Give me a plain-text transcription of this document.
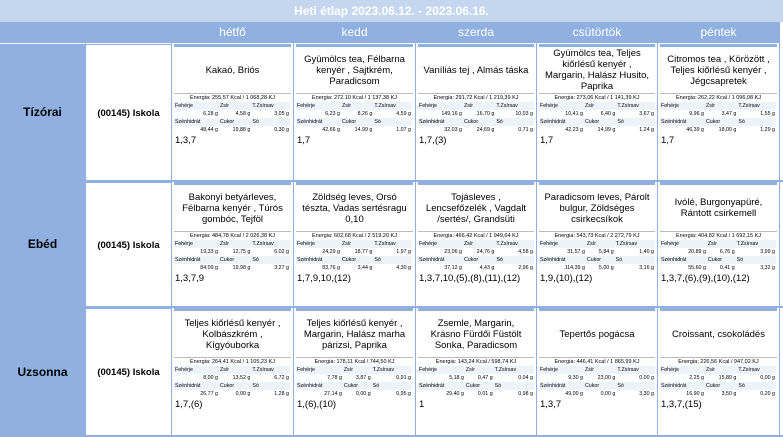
Heti étlap 2023.06.12. - 2023.06.16.
hétfő	kedd	szerda	csütörtök	péntek
Tízórai	(00145) Iskola
Kakaó, Briós
Energia: 255,57 Kcal / 1 068,28 KJ
Fehérje	Zsír	T.Zsírsav
6,28 g	4,58 g	3,05 g
Szénhidrát	Cukor	Só
48,44 g	19,88 g	0,30 g
1,3,7
Gyümölcs tea, Félbarna kenyér , Sajtkrém, Paradicsom
Energia: 272,10 Kcal / 1 137,38 KJ
Fehérje	Zsír	T.Zsírsav
6,23 g	8,26 g	4,59 g
Szénhidrát	Cukor	Só
42,66 g	14,99 g	1,07 g
1,7
Vaníliás tej , Almás táska
Energia: 291,72 Kcal / 1 219,39 KJ
Fehérje	Zsír	T.Zsírsav
149,16 g	16,70 g	10,03 g
Szénhidrát	Cukor	Só
32,03 g	24,69 g	0,71 g
1,7,(3)
Gyümölcs tea, Teljes kiőrlésű kenyér , Margarin, Halász Husito, Paprika
Energia: 273,06 Kcal / 1 141,39 KJ
Fehérje	Zsír	T.Zsírsav
10,41 g	6,40 g	3,67 g
Szénhidrát	Cukor	Só
42,23 g	14,99 g	1,24 g
1,7
Citromos tea , Körözött , Teljes kiőrlésű kenyér , Jégcsapretek
Energia: 262,22 Kcal / 1 096,08 KJ
Fehérje	Zsír	T.Zsírsav
9,96 g	3,47 g	1,55 g
Szénhidrát	Cukor	Só
46,39 g	18,00 g	1,29 g
1,7
Ebéd	(00145) Iskola
Bakonyi betyárleves, Félbarna kenyér , Túrós gombóc, Tejföl
Energia: 484,78 Kcal / 2 026,38 KJ
Fehérje	Zsír	T.Zsírsav
19,33 g	12,75 g	6,02 g
Szénhidrát	Cukor	Só
84,09 g	19,98 g	3,27 g
1,3,7,9
Zöldség leves, Orsó tészta, Vadas sertésragu 0,10
Energia: 602,68 Kcal / 2 519,20 KJ
Fehérje	Zsír	T.Zsírsav
24,29 g	18,77 g	1,97 g
Szénhidrát	Cukor	Só
83,76 g	3,44 g	4,30 g
1,7,9,10,(12)
Tojásleves , Lencsefőzelék , Vagdalt /sertés/, Grandsüti
Energia: 466,42 Kcal / 1 949,64 KJ
Fehérje	Zsír	T.Zsírsav
23,06 g	24,76 g	4,58 g
Szénhidrát	Cukor	Só
37,12 g	4,43 g	2,96 g
1,3,7,10,(5),(8),(11),(12)
Paradicsom leves, Párolt bulgur, Zöldséges csirkecsíkok
Energia: 543,73 Kcal / 2 272,79 KJ
Fehérje	Zsír	T.Zsírsav
31,57 g	5,84 g	1,40 g
Szénhidrát	Cukor	Só
114,39 g	5,00 g	3,16 g
1,9,(10),(12)
Ivólé, Burgonyapüré, Rántott csirkemell
Energia: 404,82 Kcal / 1 692,15 KJ
Fehérje	Zsír	T.Zsírsav
20,89 g	6,76 g	3,99 g
Szénhidrát	Cukor	Só
55,60 g	0,41 g	3,32 g
1,3,7,(6),(9),(10),(12)
Uzsonna	(00145) Iskola
Teljes kiőrlésű kenyér , Kolbászkrém , Kígyóuborka
Energia: 264,41 Kcal / 1 105,23 KJ
Fehérje	Zsír	T.Zsírsav
8,00 g	13,52 g	6,72 g
Szénhidrát	Cukor	Só
26,77 g	0,00 g	1,28 g
1,7,(6)
Teljes kiőrlésű kenyér , Margarin, Halász marha párizsi, Paprika
Energia: 178,11 Kcal / 744,50 KJ
Fehérje	Zsír	T.Zsírsav
7,78 g	3,87 g	0,91 g
Szénhidrát	Cukor	Só
27,14 g	0,00 g	0,95 g
1,(6),(10)
Zsemle, Margarin, Krásno Fürdői Füstölt Sonka, Paradicsom
Energia: 143,24 Kcal / 598,74 KJ
Fehérje	Zsír	T.Zsírsav
5,18 g	0,47 g	0,04 g
Szénhidrát	Cukor	Só
29,40 g	0,01 g	0,98 g
1
Tepertős pogácsa
Energia: 446,41 Kcal / 1 865,99 KJ
Fehérje	Zsír	T.Zsírsav
9,30 g	23,00 g	0,00 g
Szénhidrát	Cukor	Só
49,00 g	0,00 g	3,30 g
1,3,7
Croissant, csokoládés
Energia: 226,56 Kcal / 947,02 KJ
Fehérje	Zsír	T.Zsírsav
2,25 g	15,80 g	0,00 g
Szénhidrát	Cukor	Só
16,90 g	3,50 g	0,20 g
1,3,7,(15)
